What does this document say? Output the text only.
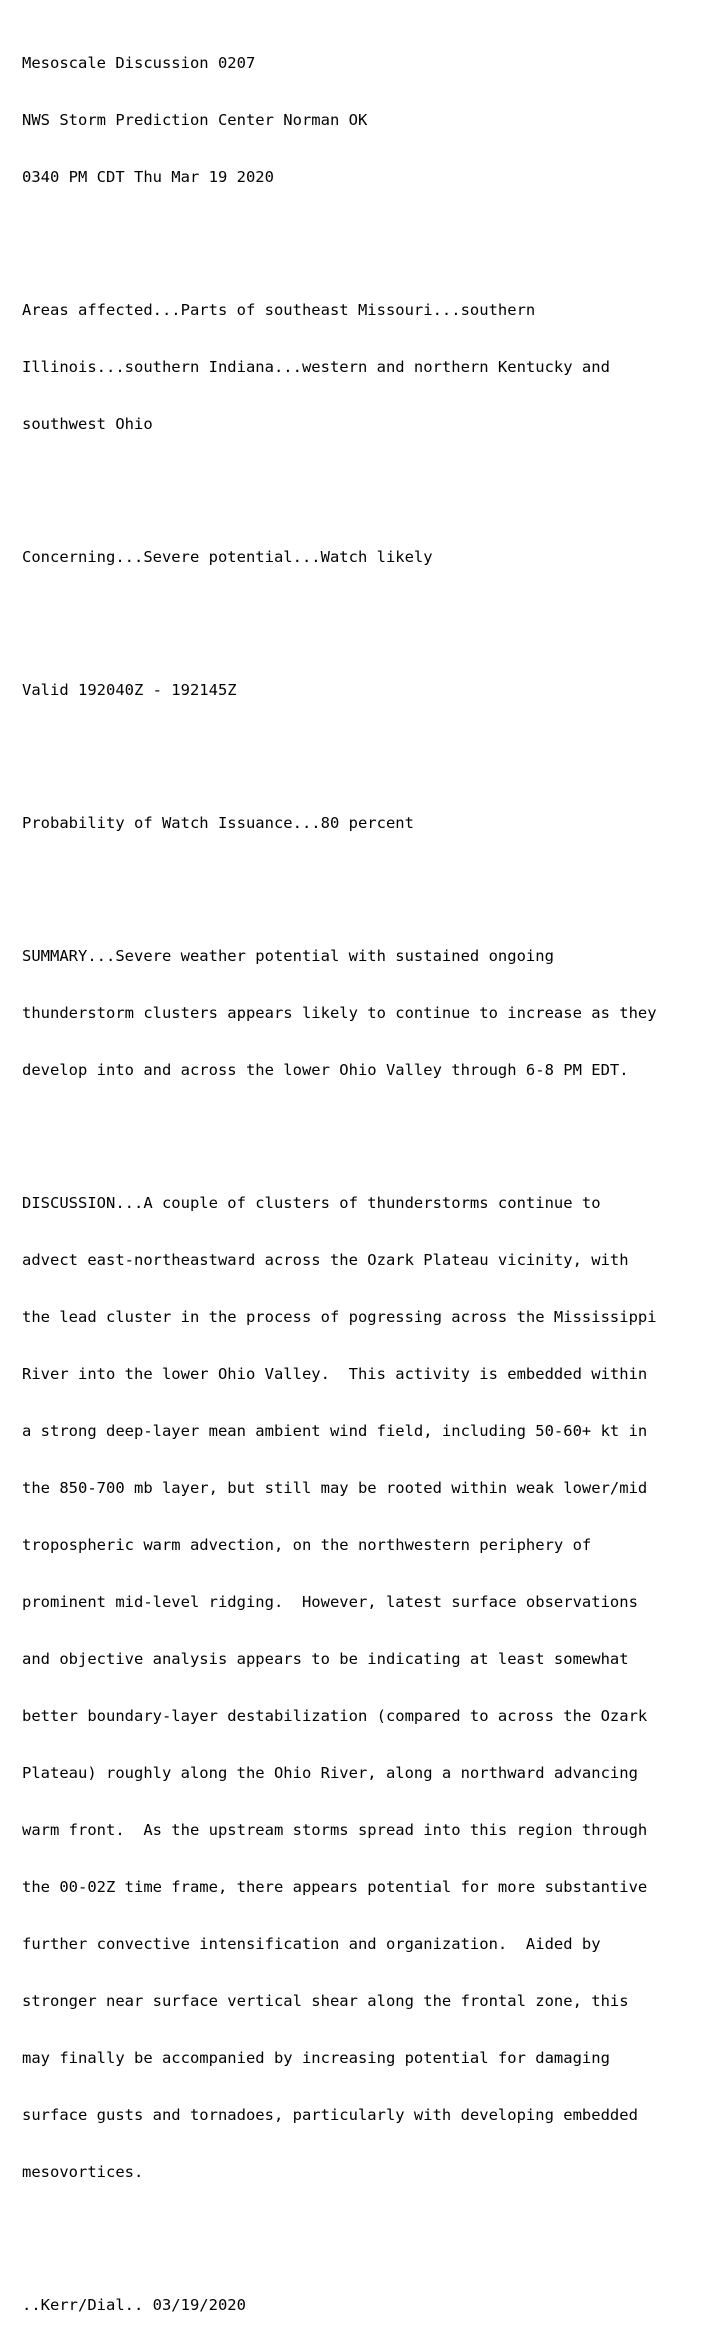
Mesoscale Discussion 0207

NWS Storm Prediction Center Norman OK

0340 PM CDT Thu Mar 19 2020

Areas affected...Parts of southeast Missouri...southern

Illinois...southern Indiana...western and northern Kentucky and

southwest Ohio

Concerning...Severe potential...Watch likely

Valid 192040Z - 192145Z

Probability of Watch Issuance...80 percent

SUMMARY...Severe weather potential with sustained ongoing

thunderstorm clusters appears likely to continue to increase as they

develop into and across the lower Ohio Valley through 6-8 PM EDT.

DISCUSSION...A couple of clusters of thunderstorms continue to

advect east-northeastward across the Ozark Plateau vicinity, with

the lead cluster in the process of pogressing across the Mississippi

River into the lower Ohio Valley.  This activity is embedded within

a strong deep-layer mean ambient wind field, including 50-60+ kt in

the 850-700 mb layer, but still may be rooted within weak lower/mid

tropospheric warm advection, on the northwestern periphery of

prominent mid-level ridging.  However, latest surface observations

and objective analysis appears to be indicating at least somewhat

better boundary-layer destabilization (compared to across the Ozark

Plateau) roughly along the Ohio River, along a northward advancing

warm front.  As the upstream storms spread into this region through

the 00-02Z time frame, there appears potential for more substantive

further convective intensification and organization.  Aided by

stronger near surface vertical shear along the frontal zone, this

may finally be accompanied by increasing potential for damaging

surface gusts and tornadoes, particularly with developing embedded

mesovortices.

..Kerr/Dial.. 03/19/2020
